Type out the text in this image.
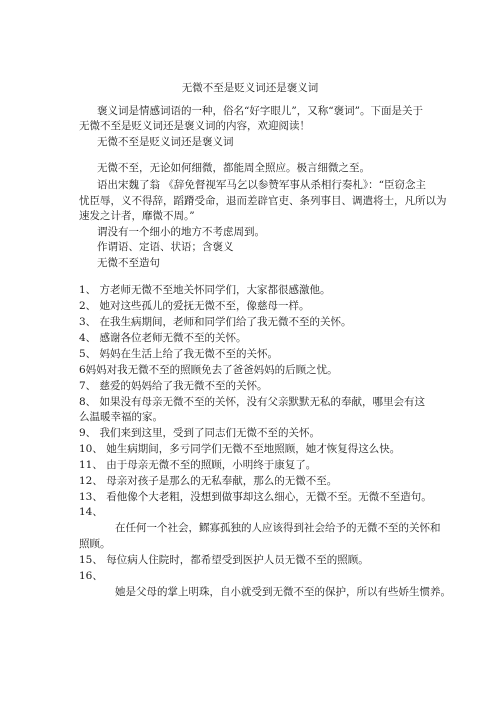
无微不至是贬义词还是褒义词
褒义词是情感词语的一种，俗名“好字眼儿”，又称“褒词”。下面是关于
无微不至是贬义词还是褒义词的内容，欢迎阅读！
无微不至是贬义词还是褒义词
无微不至，无论如何细微，都能周全照应。极言细微之至。
语出宋魏了翁 《辞免督视军马乞以参赞军事从杀相行奏札》：“臣窃念主
忧臣辱，义不得辞，蹈蹐受命，退而差辟官吏、条列事目、调遣将士，凡所以为
速发之计者，靡微不周。”
谓没有一个细小的地方不考虑周到。
作谓语、定语、状语；含褒义
无微不至造句
1、 方老师无微不至地关怀同学们，大家都很感激他。
2、 她对这些孤儿的爱抚无微不至，像慈母一样。
3、 在我生病期间，老师和同学们给了我无微不至的关怀。
4、 感谢各位老师无微不至的关怀。
5、 妈妈在生活上给了我无微不至的关怀。
6妈妈对我无微不至的照顾免去了爸爸妈妈的后顾之忧。
7、 慈爱的妈妈给了我无微不至的关怀。
8、 如果没有母亲无微不至的关怀，没有父亲默默无私的奉献，哪里会有这
么温暖幸福的家。
9、 我们来到这里，受到了同志们无微不至的关怀。
10、 她生病期间，多亏同学们无微不至地照顾，她才恢复得这么快。
11、 由于母亲无微不至的照顾，小明终于康复了。
12、 母亲对孩子是那么的无私奉献，那么的无微不至。
13、 看他像个大老粗，没想到做事却这么细心，无微不至。无微不至造句。
14、
在任何一个社会，鳏寡孤独的人应该得到社会给予的无微不至的关怀和
照顾。
15、 每位病人住院时，都希望受到医护人员无微不至的照顾。
16、
她是父母的掌上明珠，自小就受到无微不至的保护，所以有些娇生惯养。
